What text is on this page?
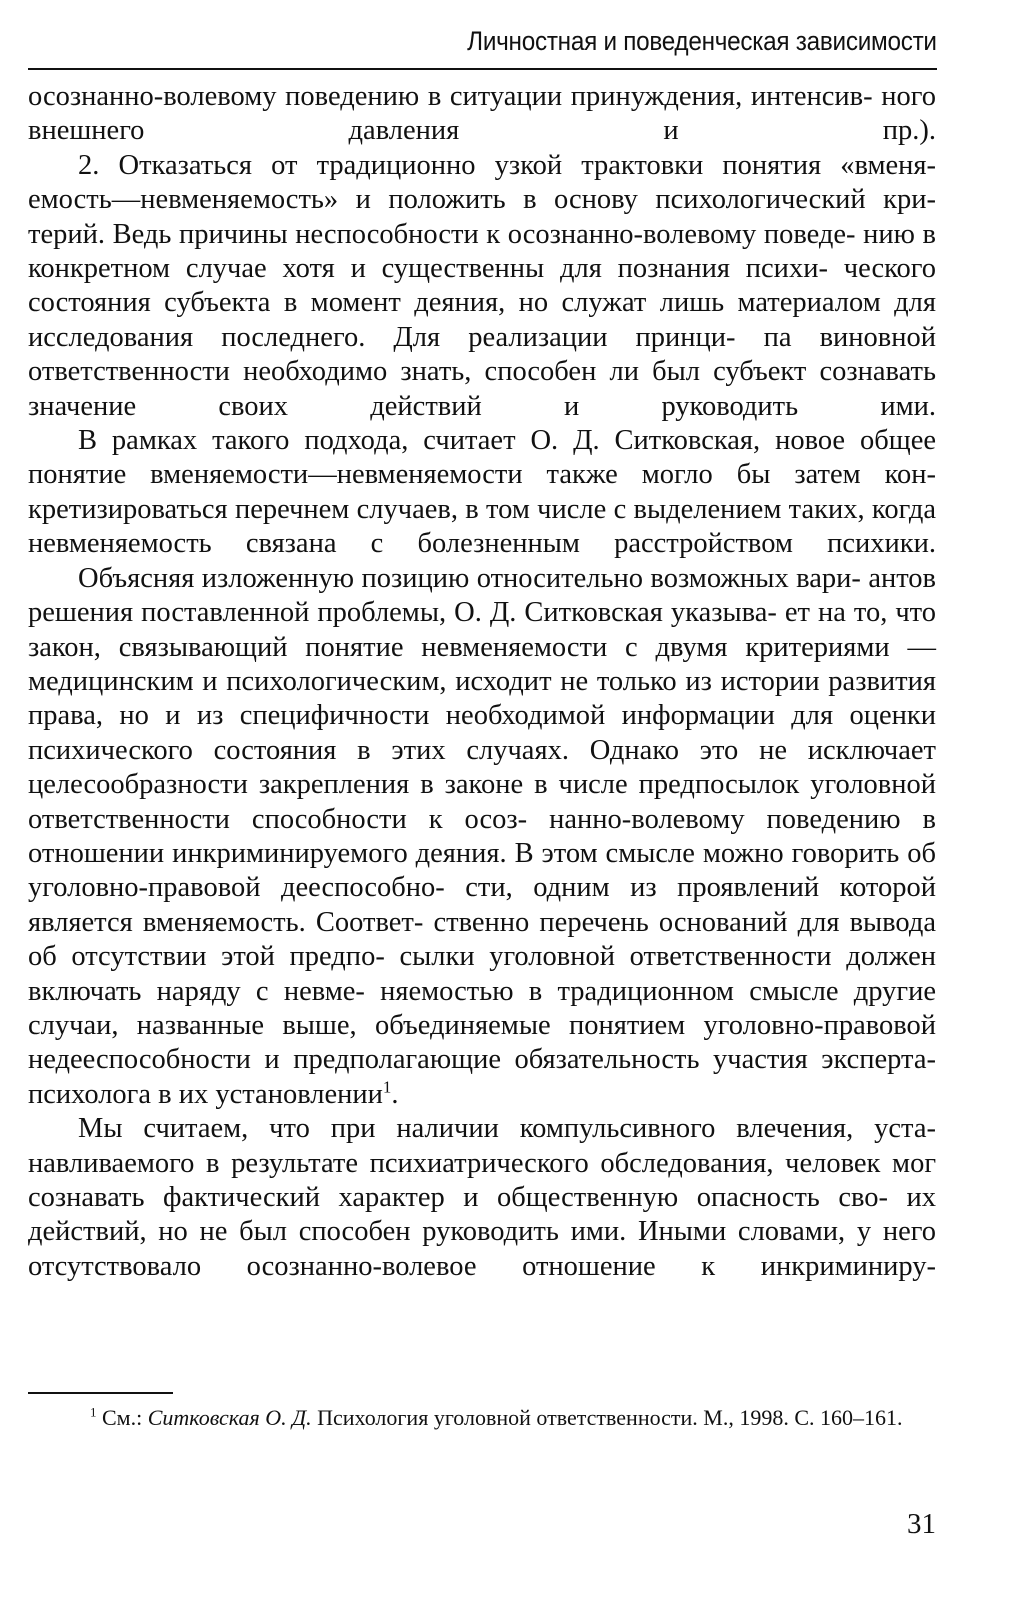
Личностная и поведенческая зависимости

осознанно-волевому поведению в ситуации принуждения, интенсив- ного внешнего давления и пр.).

2. Отказаться от традиционно узкой трактовки понятия «вменя- емость—невменяемость» и положить в основу психологический кри- терий. Ведь причины неспособности к осознанно-волевому поведе- нию в конкретном случае хотя и существенны для познания психи- ческого состояния субъекта в момент деяния, но служат лишь материалом для исследования последнего. Для реализации принци- па виновной ответственности необходимо знать, способен ли был субъект сознавать значение своих действий и руководить ими.

В рамках такого подхода, считает О. Д. Ситковская, новое общее понятие вменяемости—невменяемости также могло бы затем кон- кретизироваться перечнем случаев, в том числе с выделением таких, когда невменяемость связана с болезненным расстройством психики.

Объясняя изложенную позицию относительно возможных вари- антов решения поставленной проблемы, О. Д. Ситковская указыва- ет на то, что закон, связывающий понятие невменяемости с двумя критериями — медицинским и психологическим, исходит не только из истории развития права, но и из специфичности необходимой информации для оценки психического состояния в этих случаях. Однако это не исключает целесообразности закрепления в законе в числе предпосылок уголовной ответственности способности к осоз- нанно-волевому поведению в отношении инкриминируемого деяния. В этом смысле можно говорить об уголовно-правовой дееспособно- сти, одним из проявлений которой является вменяемость. Соответ- ственно перечень оснований для вывода об отсутствии этой предпо- сылки уголовной ответственности должен включать наряду с невме- няемостью в традиционном смысле другие случаи, названные выше, объединяемые понятием уголовно-правовой недееспособности и предполагающие обязательность участия эксперта-психолога в их установлении$^1$.

Мы считаем, что при наличии компульсивного влечения, уста- навливаемого в результате психиатрического обследования, человек мог сознавать фактический характер и общественную опасность сво- их действий, но не был способен руководить ими. Иными словами, у него отсутствовало осознанно-волевое отношение к инкриминиру-

$^1$ См.: Ситковская О. Д. Психология уголовной ответственности. М., 1998. С. 160–161.

31
